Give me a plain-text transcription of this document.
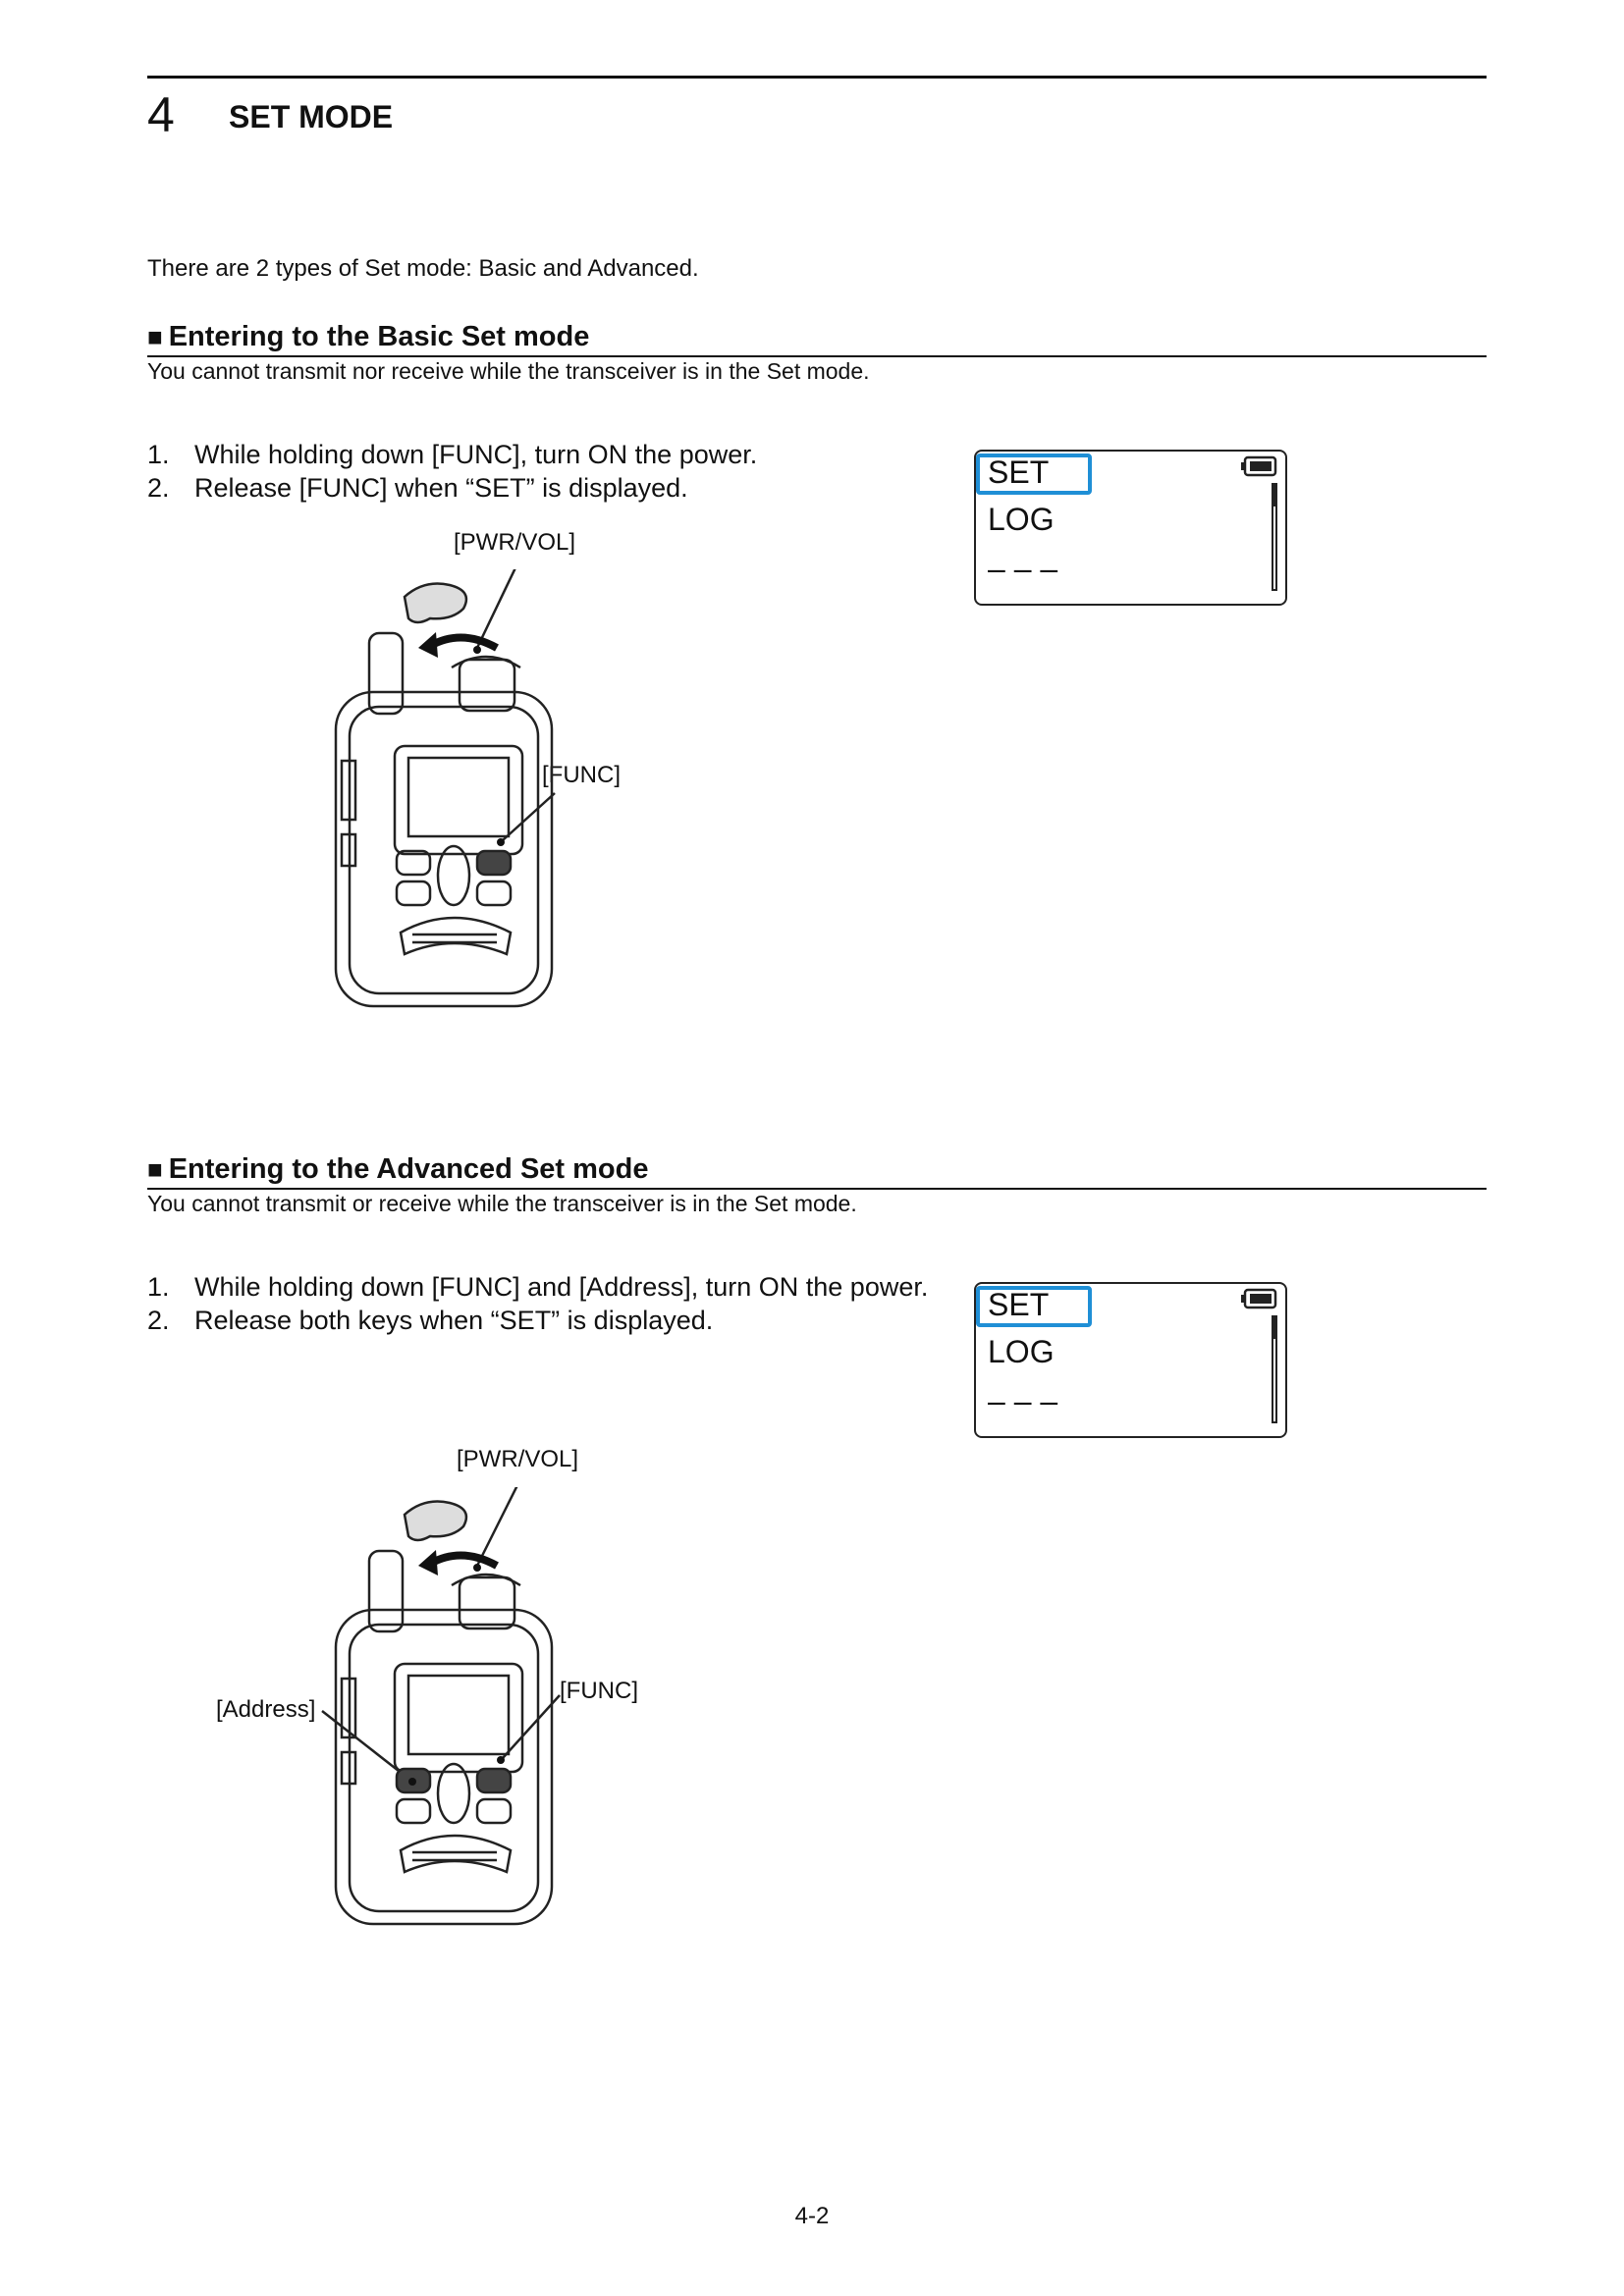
4 SET MODE
There are 2 types of Set mode: Basic and Advanced.
■ Entering to the Basic Set mode
You cannot transmit nor receive while the transceiver is in the Set mode.
1. While holding down [FUNC], turn ON the power.
2. Release [FUNC] when “SET” is displayed.
[PWR/VOL]
[FUNC]
SET
LOG
– – –
■ Entering to the Advanced Set mode
You cannot transmit or receive while the transceiver is in the Set mode.
1. While holding down [FUNC] and [Address], turn ON the power.
2. Release both keys when “SET” is displayed.
[PWR/VOL]
[FUNC]
[Address]
SET
LOG
– – –
4-2
